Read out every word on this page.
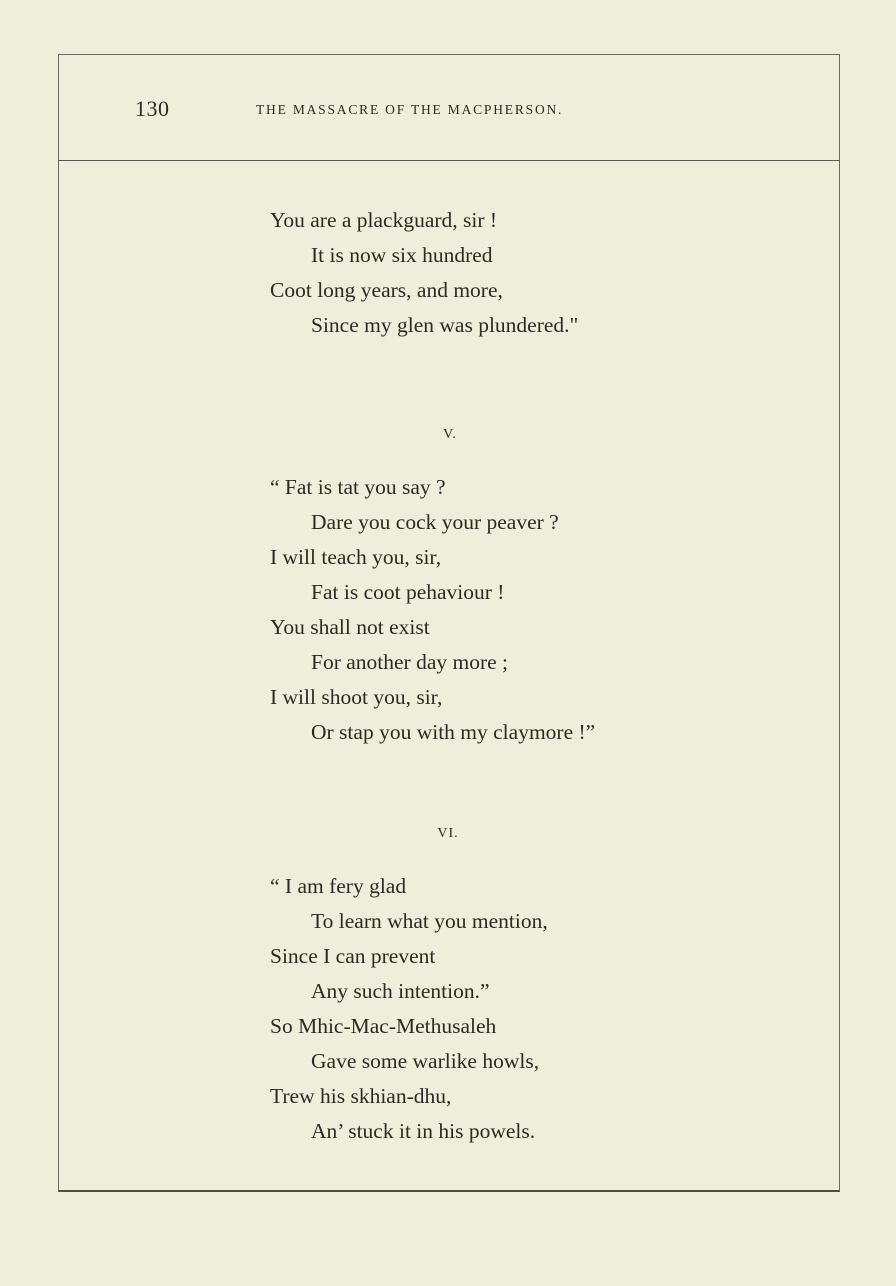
130	THE MASSACRE OF THE MACPHERSON.
You are a plackguard, sir !
It is now six hundred
Coot long years, and more,
Since my glen was plundered."
V.
“ Fat is tat you say ?
Dare you cock your peaver ?
I will teach you, sir,
Fat is coot pehaviour !
You shall not exist
For another day more ;
I will shoot you, sir,
Or stap you with my claymore !”
VI.
“ I am fery glad
To learn what you mention,
Since I can prevent
Any such intention.”
So Mhic-Mac-Methusaleh
Gave some warlike howls,
Trew his skhian-dhu,
An’ stuck it in his powels.
